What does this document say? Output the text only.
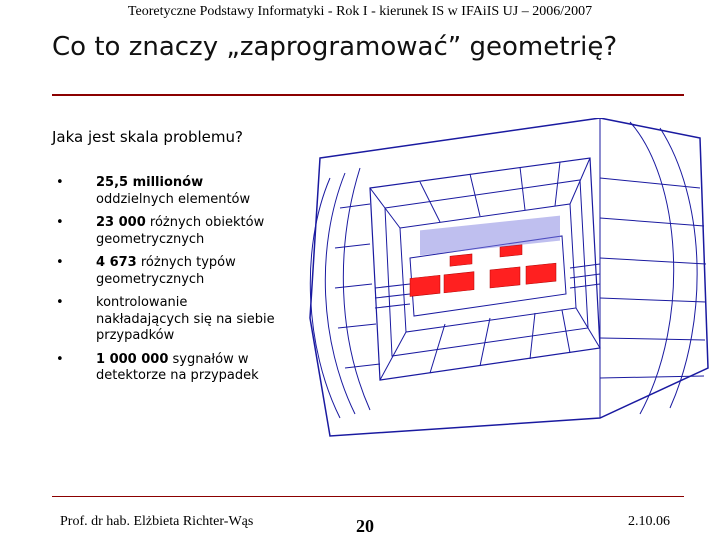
Teoretyczne Podstawy Informatyki - Rok I - kierunek IS w IFAiIS UJ – 2006/2007
Co to znaczy „zaprogramować” geometrię?
Jaka jest skala problemu?
• 25,5 millionów oddzielnych elementów
• 23 000 różnych obiektów geometrycznych
• 4 673 różnych typów geometrycznych
• kontrolowanie nakładających się na siebie przypadków
• 1 000 000 sygnałów w detektorze na przypadek
Prof. dr hab. Elżbieta Richter-Wąs	20	2.10.06
